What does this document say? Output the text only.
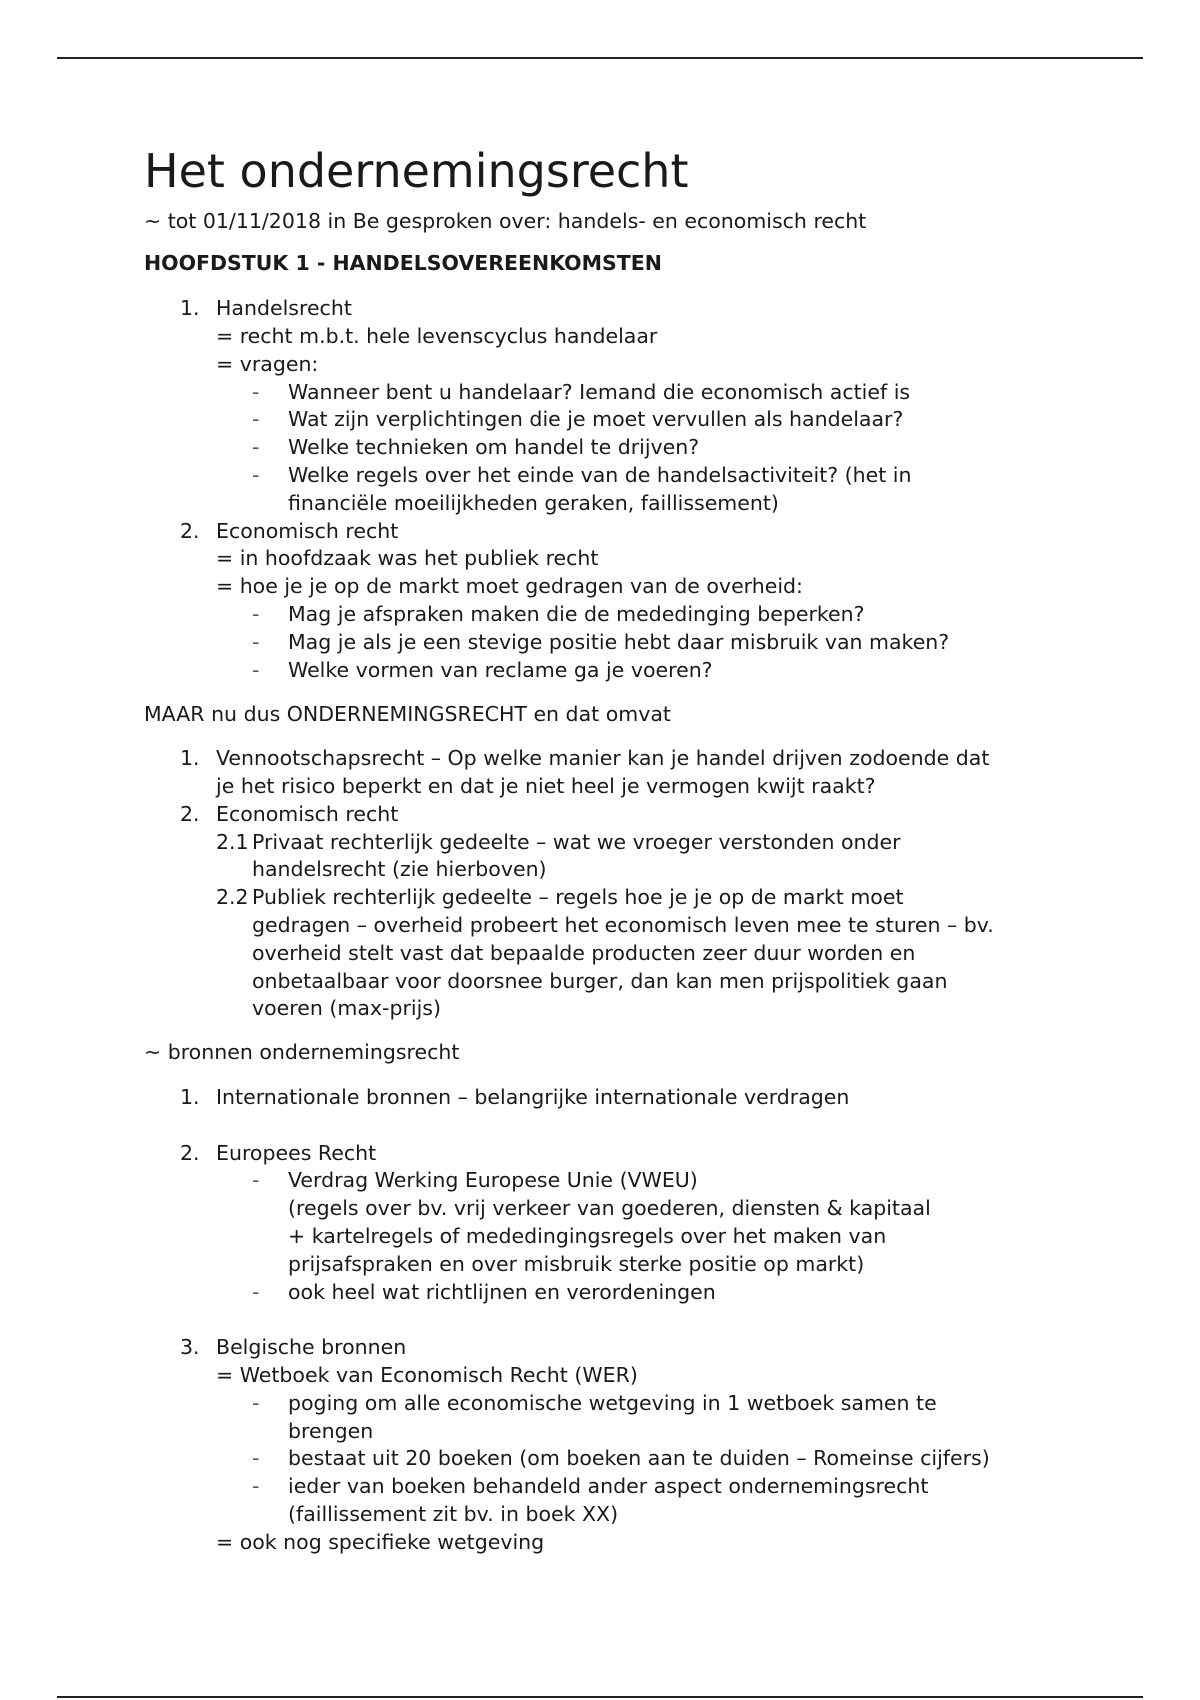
Het ondernemingsrecht
~ tot 01/11/2018 in Be gesproken over: handels- en economisch recht
HOOFDSTUK 1 - HANDELSOVEREENKOMSTEN
1. Handelsrecht
= recht m.b.t. hele levenscyclus handelaar
= vragen:
- Wanneer bent u handelaar? Iemand die economisch actief is
- Wat zijn verplichtingen die je moet vervullen als handelaar?
- Welke technieken om handel te drijven?
- Welke regels over het einde van de handelsactiviteit? (het in
financiële moeilijkheden geraken, faillissement)
2. Economisch recht
= in hoofdzaak was het publiek recht
= hoe je je op de markt moet gedragen van de overheid:
- Mag je afspraken maken die de mededinging beperken?
- Mag je als je een stevige positie hebt daar misbruik van maken?
- Welke vormen van reclame ga je voeren?
MAAR nu dus ONDERNEMINGSRECHT en dat omvat
1. Vennootschapsrecht – Op welke manier kan je handel drijven zodoende dat
je het risico beperkt en dat je niet heel je vermogen kwijt raakt?
2. Economisch recht
2.1 Privaat rechterlijk gedeelte – wat we vroeger verstonden onder
handelsrecht (zie hierboven)
2.2 Publiek rechterlijk gedeelte – regels hoe je je op de markt moet
gedragen – overheid probeert het economisch leven mee te sturen – bv.
overheid stelt vast dat bepaalde producten zeer duur worden en
onbetaalbaar voor doorsnee burger, dan kan men prijspolitiek gaan
voeren (max-prijs)
~ bronnen ondernemingsrecht
1. Internationale bronnen – belangrijke internationale verdragen
2. Europees Recht
- Verdrag Werking Europese Unie (VWEU)
(regels over bv. vrij verkeer van goederen, diensten & kapitaal
+ kartelregels of mededingingsregels over het maken van
prijsafspraken en over misbruik sterke positie op markt)
- ook heel wat richtlijnen en verordeningen
3. Belgische bronnen
= Wetboek van Economisch Recht (WER)
- poging om alle economische wetgeving in 1 wetboek samen te
brengen
- bestaat uit 20 boeken (om boeken aan te duiden – Romeinse cijfers)
- ieder van boeken behandeld ander aspect ondernemingsrecht
(faillissement zit bv. in boek XX)
= ook nog specifieke wetgeving
